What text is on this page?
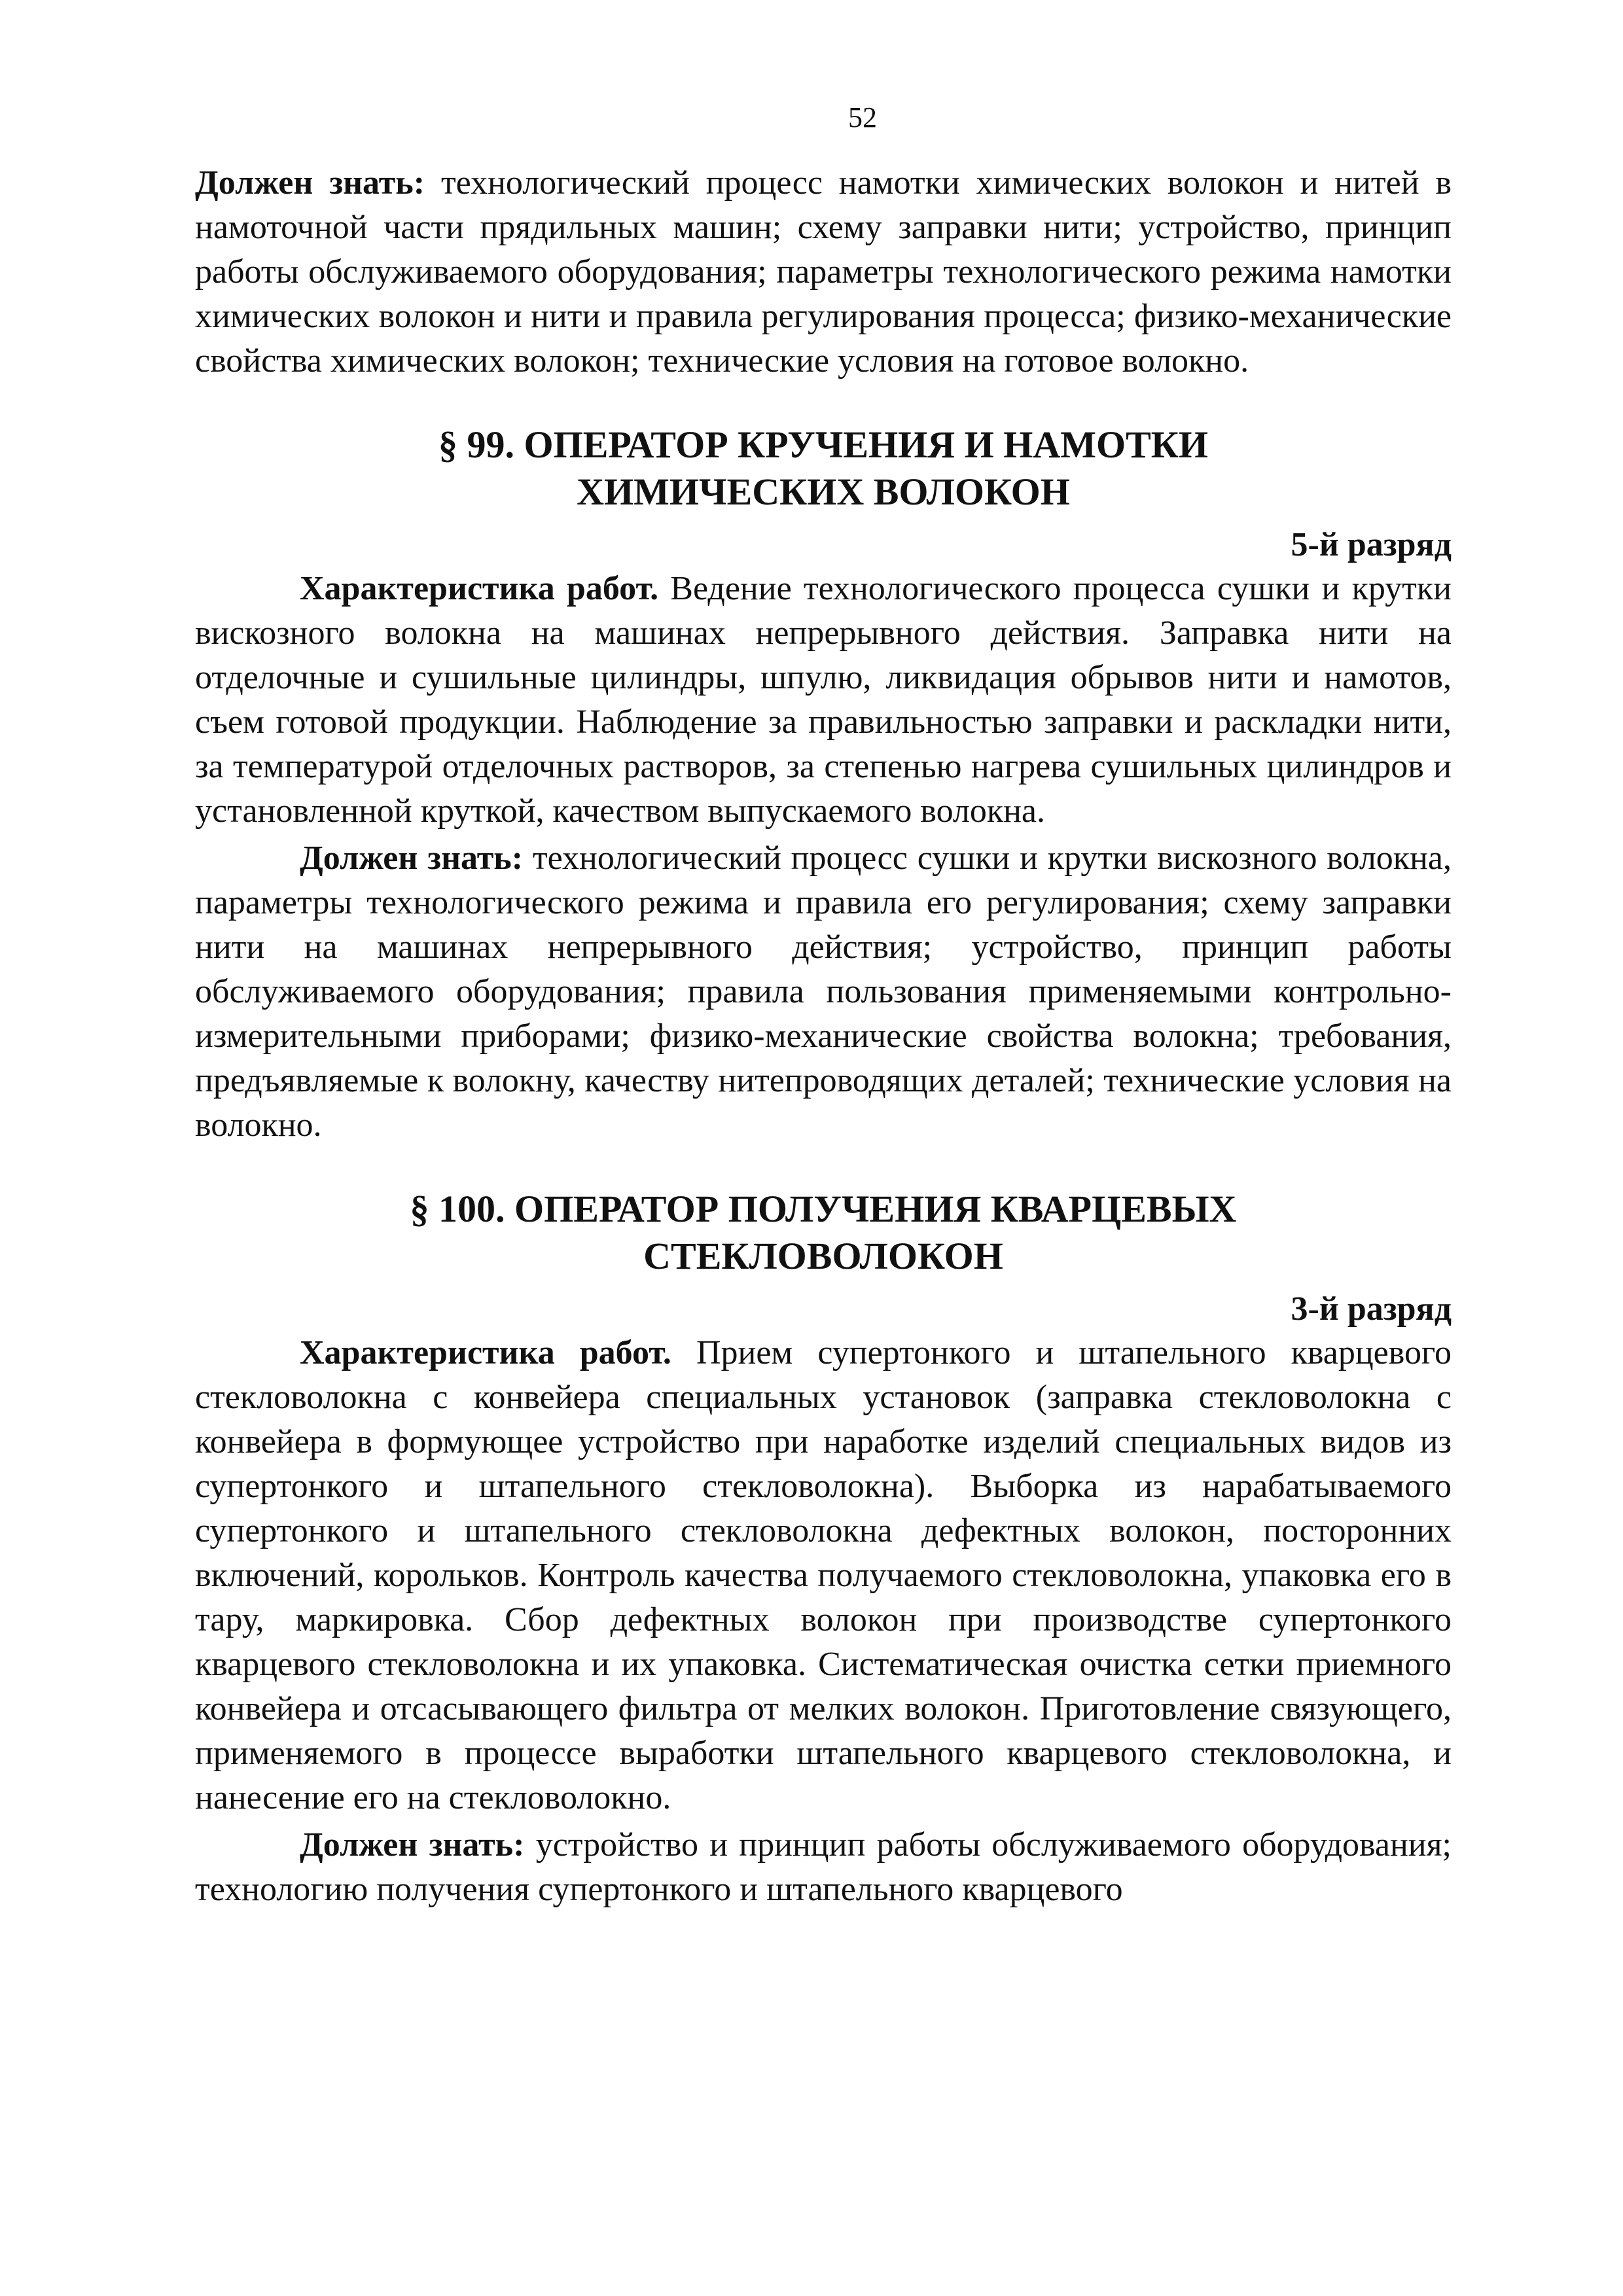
52

Должен знать: технологический процесс намотки химических волокон и нитей в намоточной части прядильных машин; схему заправки нити; устройство, принцип работы обслуживаемого оборудования; параметры технологического режима намотки химических волокон и нити и правила регулирования процесса; физико-механические свойства химических волокон; технические условия на готовое волокно.

§ 99. ОПЕРАТОР КРУЧЕНИЯ И НАМОТКИ
ХИМИЧЕСКИХ ВОЛОКОН
5-й разряд

Характеристика работ. Ведение технологического процесса сушки и крутки вискозного волокна на машинах непрерывного действия. Заправка нити на отделочные и сушильные цилиндры, шпулю, ликвидация обрывов нити и намотов, съем готовой продукции. Наблюдение за правильностью заправки и раскладки нити, за температурой отделочных растворов, за степенью нагрева сушильных цилиндров и установленной круткой, качеством выпускаемого волокна.

Должен знать: технологический процесс сушки и крутки вискозного волокна, параметры технологического режима и правила его регулирования; схему заправки нити на машинах непрерывного действия; устройство, принцип работы обслуживаемого оборудования; правила пользования применяемыми контрольно-измерительными приборами; физико-механические свойства волокна; требования, предъявляемые к волокну, качеству нитепроводящих деталей; технические условия на волокно.

§ 100. ОПЕРАТОР ПОЛУЧЕНИЯ КВАРЦЕВЫХ
СТЕКЛОВОЛОКОН
3-й разряд

Характеристика работ. Прием супертонкого и штапельного кварцевого стекловолокна с конвейера специальных установок (заправка стекловолокна с конвейера в формующее устройство при наработке изделий специальных видов из супертонкого и штапельного стекловолокна). Выборка из нарабатываемого супертонкого и штапельного стекловолокна дефектных волокон, посторонних включений, корольков. Контроль качества получаемого стекловолокна, упаковка его в тару, маркировка. Сбор дефектных волокон при производстве супертонкого кварцевого стекловолокна и их упаковка. Систематическая очистка сетки приемного конвейера и отсасывающего фильтра от мелких волокон. Приготовление связующего, применяемого в процессе выработки штапельного кварцевого стекловолокна, и нанесение его на стекловолокно.

Должен знать: устройство и принцип работы обслуживаемого оборудования; технологию получения супертонкого и штапельного кварцевого
